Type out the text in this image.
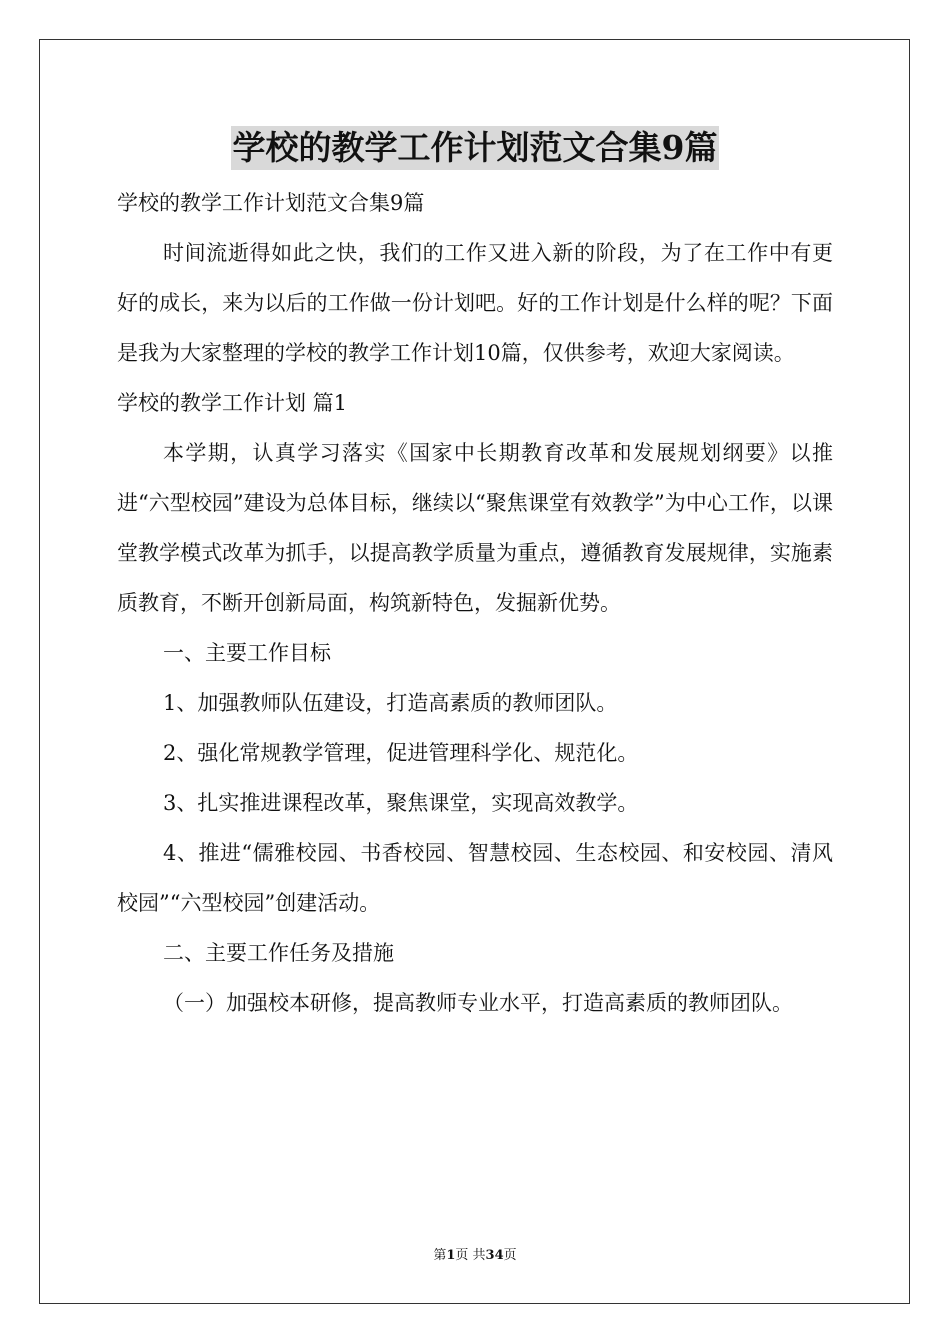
学校的教学工作计划范文合集9篇

学校的教学工作计划范文合集9篇

时间流逝得如此之快，我们的工作又进入新的阶段，为了在工作中有更好的成长，来为以后的工作做一份计划吧。好的工作计划是什么样的呢？下面是我为大家整理的学校的教学工作计划10篇，仅供参考，欢迎大家阅读。

学校的教学工作计划 篇1

本学期，认真学习落实《国家中长期教育改革和发展规划纲要》以推进“六型校园”建设为总体目标，继续以“聚焦课堂有效教学”为中心工作，以课堂教学模式改革为抓手，以提高教学质量为重点，遵循教育发展规律，实施素质教育，不断开创新局面，构筑新特色，发掘新优势。

一、主要工作目标

1、加强教师队伍建设，打造高素质的教师团队。

2、强化常规教学管理，促进管理科学化、规范化。

3、扎实推进课程改革，聚焦课堂，实现高效教学。

4、推进“儒雅校园、书香校园、智慧校园、生态校园、和安校园、清风校园”“六型校园”创建活动。

二、主要工作任务及措施

（一）加强校本研修，提高教师专业水平，打造高素质的教师团队。

第1页 共34页
